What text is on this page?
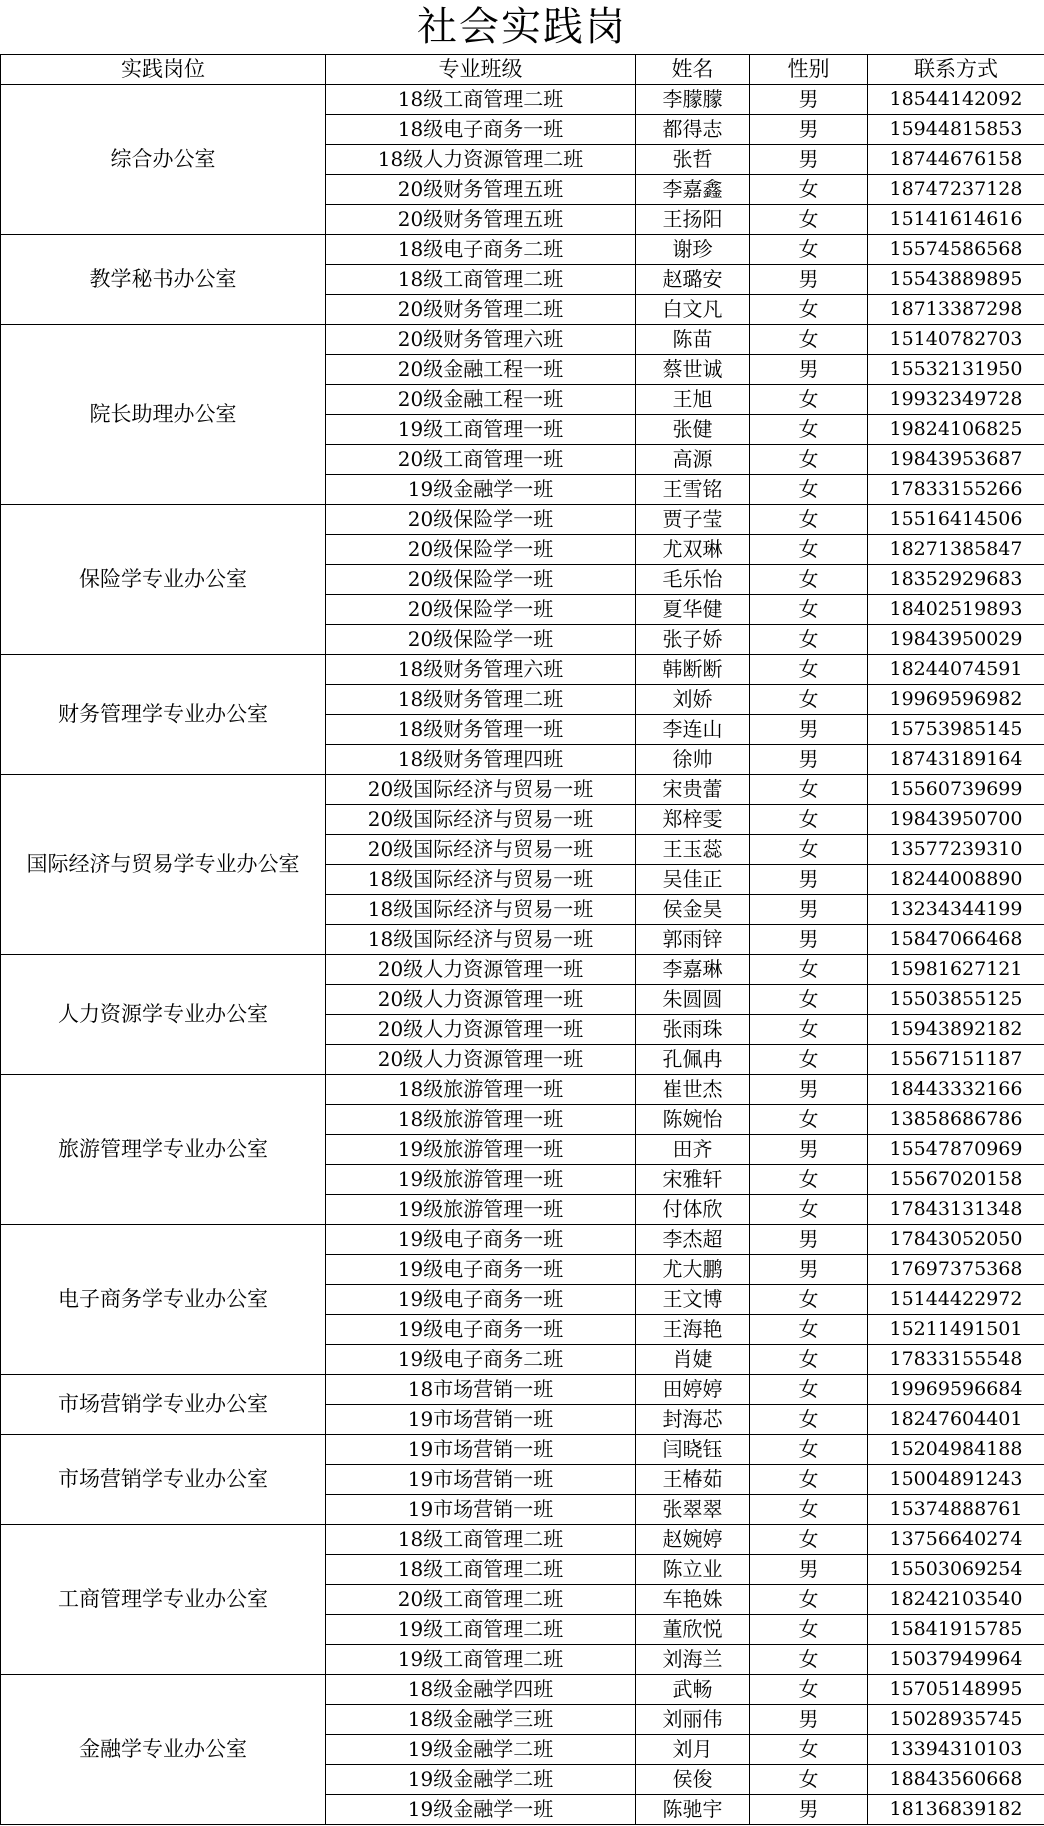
社会实践岗
实践岗位	专业班级	姓名	性别	联系方式
综合办公室	18级工商管理二班	李朦朦	男	18544142092
	18级电子商务一班	都得志	男	15944815853
	18级人力资源管理二班	张哲	男	18744676158
	20级财务管理五班	李嘉鑫	女	18747237128
	20级财务管理五班	王扬阳	女	15141614616
教学秘书办公室	18级电子商务二班	谢珍	女	15574586568
	18级工商管理二班	赵璐安	男	15543889895
	20级财务管理二班	白文凡	女	18713387298
院长助理办公室	20级财务管理六班	陈苗	女	15140782703
	20级金融工程一班	蔡世诚	男	15532131950
	20级金融工程一班	王旭	女	19932349728
	19级工商管理一班	张健	女	19824106825
	20级工商管理一班	高源	女	19843953687
	19级金融学一班	王雪铭	女	17833155266
保险学专业办公室	20级保险学一班	贾子莹	女	15516414506
	20级保险学一班	尤双琳	女	18271385847
	20级保险学一班	毛乐怡	女	18352929683
	20级保险学一班	夏华健	女	18402519893
	20级保险学一班	张子娇	女	19843950029
财务管理学专业办公室	18级财务管理六班	韩断断	女	18244074591
	18级财务管理二班	刘娇	女	19969596982
	18级财务管理一班	李连山	男	15753985145
	18级财务管理四班	徐帅	男	18743189164
国际经济与贸易学专业办公室	20级国际经济与贸易一班	宋贵蕾	女	15560739699
	20级国际经济与贸易一班	郑梓雯	女	19843950700
	20级国际经济与贸易一班	王玉蕊	女	13577239310
	18级国际经济与贸易一班	吴佳正	男	18244008890
	18级国际经济与贸易一班	侯金昊	男	13234344199
	18级国际经济与贸易一班	郭雨锌	男	15847066468
人力资源学专业办公室	20级人力资源管理一班	李嘉琳	女	15981627121
	20级人力资源管理一班	朱圆圆	女	15503855125
	20级人力资源管理一班	张雨珠	女	15943892182
	20级人力资源管理一班	孔佩冉	女	15567151187
旅游管理学专业办公室	18级旅游管理一班	崔世杰	男	18443332166
	18级旅游管理一班	陈婉怡	女	13858686786
	19级旅游管理一班	田齐	男	15547870969
	19级旅游管理一班	宋雅轩	女	15567020158
	19级旅游管理一班	付体欣	女	17843131348
电子商务学专业办公室	19级电子商务一班	李杰超	男	17843052050
	19级电子商务一班	尤大鹏	男	17697375368
	19级电子商务一班	王文博	女	15144422972
	19级电子商务一班	王海艳	女	15211491501
	19级电子商务二班	肖婕	女	17833155548
市场营销学专业办公室	18市场营销一班	田婷婷	女	19969596684
	19市场营销一班	封海芯	女	18247604401
市场营销学专业办公室	19市场营销一班	闫晓钰	女	15204984188
	19市场营销一班	王椿茹	女	15004891243
	19市场营销一班	张翠翠	女	15374888761
工商管理学专业办公室	18级工商管理二班	赵婉婷	女	13756640274
	18级工商管理二班	陈立业	男	15503069254
	20级工商管理二班	车艳姝	女	18242103540
	19级工商管理二班	董欣悦	女	15841915785
	19级工商管理二班	刘海兰	女	15037949964
金融学专业办公室	18级金融学四班	武畅	女	15705148995
	18级金融学三班	刘丽伟	男	15028935745
	19级金融学二班	刘月	女	13394310103
	19级金融学二班	侯俊	女	18843560668
	19级金融学一班	陈驰宇	男	18136839182
